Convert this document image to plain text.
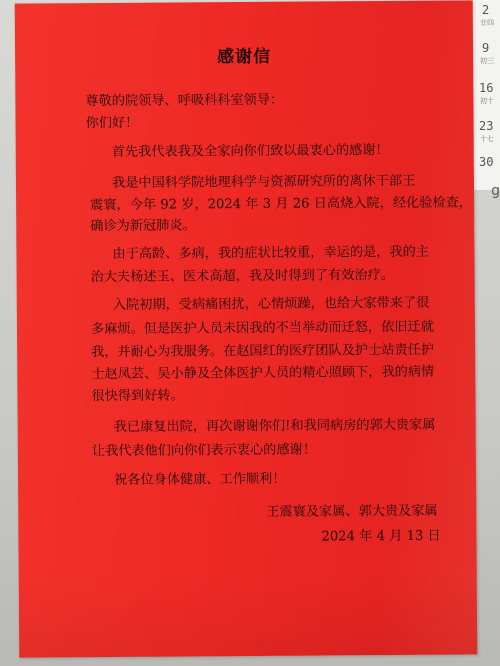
2
廿四
9
初三
16
初十
23
十七
30
g
感谢信
尊敬的院领导、呼吸科科室领导：
你们好！
首先我代表我及全家向你们致以最衷心的感谢！
我是中国科学院地理科学与资源研究所的离休干部王
震寰，今年 92 岁，2024 年 3 月 26 日高烧入院，经化验检查，
确诊为新冠肺炎。
由于高龄、多病，我的症状比较重，幸运的是，我的主
治大夫杨述玉、医术高超，我及时得到了有效治疗。
入院初期，受病痛困扰，心情烦躁，也给大家带来了很
多麻烦。但是医护人员未因我的不当举动而迁怒，依旧迁就
我，并耐心为我服务。在赵国红的医疗团队及护士站责任护
士赵凤芸、吴小静及全体医护人员的精心照顾下，我的病情
很快得到好转。
我已康复出院，再次谢谢你们!和我同病房的郭大贵家属
让我代表他们向你们表示衷心的感谢！
祝各位身体健康、工作顺利！
王震寰及家属、郭大贵及家属
2024 年 4 月 13 日
